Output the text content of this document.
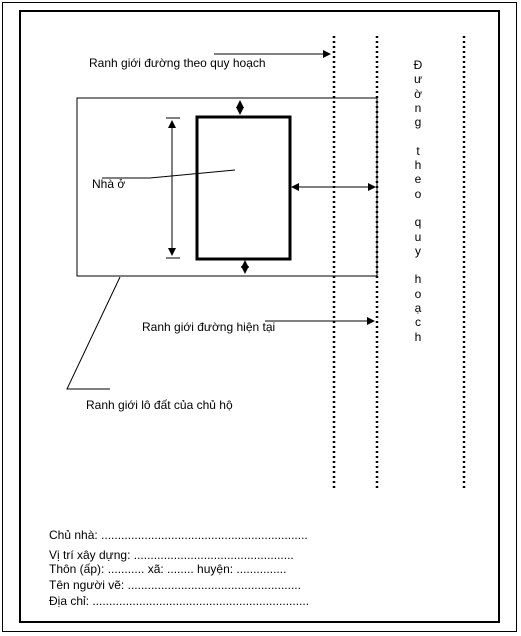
Ranh giới đường theo quy hoạch
Nhà ở
Ranh giới đường hiện tại
Ranh giới lô đất của chủ hộ
Đ
ư
ờ
n
g
t
h
e
o
q
u
y
h
o
ạ
c
h
Chủ nhà: ..............................................................
Vị trí xây dựng: ................................................
Thôn (ấp): ........... xã: ........ huyện: ...............
Tên người vẽ: ....................................................
Địa chỉ: .................................................................
